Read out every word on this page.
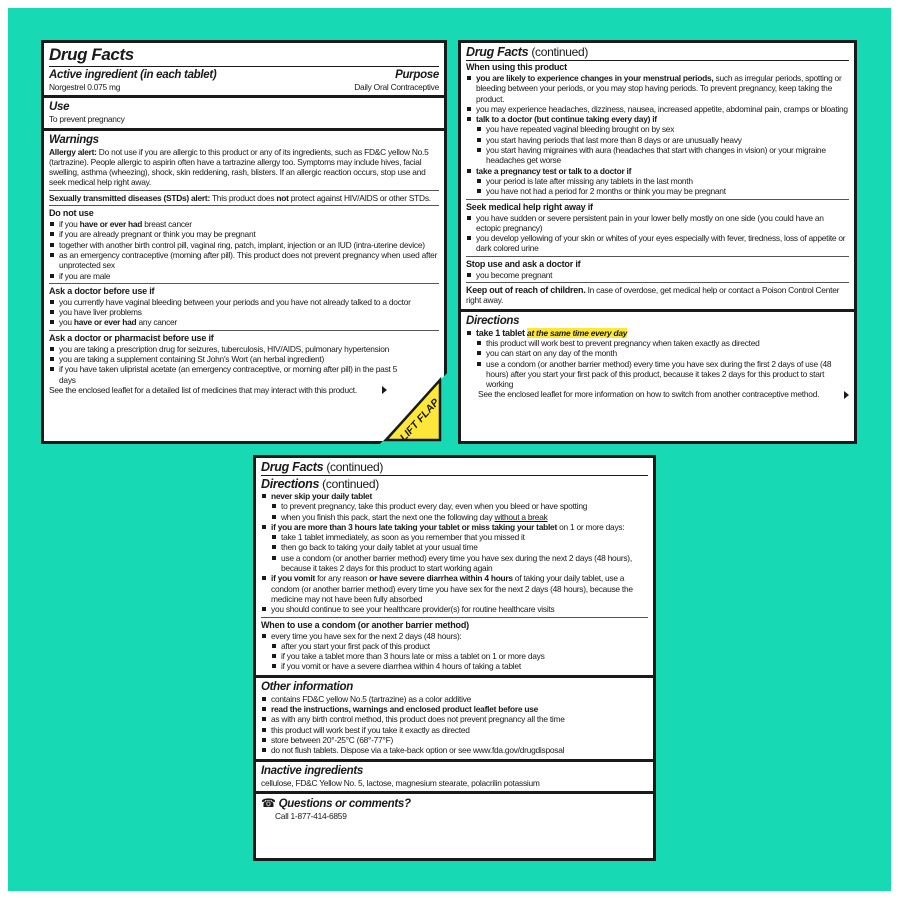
Drug Facts
Active ingredient (in each tablet)	Purpose
Norgestrel 0.075 mg	Daily Oral Contraceptive
Use
To prevent pregnancy
Warnings
Allergy alert: Do not use if you are allergic to this product or any of its ingredients, such as FD&C yellow No.5 (tartrazine). People allergic to aspirin often have a tartrazine allergy too. Symptoms may include hives, facial swelling, asthma (wheezing), shock, skin reddening, rash, blisters. If an allergic reaction occurs, stop use and seek medical help right away.
Sexually transmitted diseases (STDs) alert: This product does not protect against HIV/AIDS or other STDs.
Do not use
if you have or ever had breast cancer
if you are already pregnant or think you may be pregnant
together with another birth control pill, vaginal ring, patch, implant, injection or an IUD (intra-uterine device)
as an emergency contraceptive (morning after pill). This product does not prevent pregnancy when used after unprotected sex
if you are male
Ask a doctor before use if
you currently have vaginal bleeding between your periods and you have not already talked to a doctor
you have liver problems
you have or ever had any cancer
Ask a doctor or pharmacist before use if
you are taking a prescription drug for seizures, tuberculosis, HIV/AIDS, pulmonary hypertension
you are taking a supplement containing St John's Wort (an herbal ingredient)
if you have taken ulipristal acetate (an emergency contraceptive, or morning after pill) in the past 5 days
See the enclosed leaflet for a detailed list of medicines that may interact with this product.
LIFT FLAP
Drug Facts (continued)
When using this product
you are likely to experience changes in your menstrual periods, such as irregular periods, spotting or bleeding between your periods, or you may stop having periods. To prevent pregnancy, keep taking the product.
you may experience headaches, dizziness, nausea, increased appetite, abdominal pain, cramps or bloating
talk to a doctor (but continue taking every day) if
you have repeated vaginal bleeding brought on by sex
you start having periods that last more than 8 days or are unusually heavy
you start having migraines with aura (headaches that start with changes in vision) or your migraine headaches get worse
take a pregnancy test or talk to a doctor if
your period is late after missing any tablets in the last month
you have not had a period for 2 months or think you may be pregnant
Seek medical help right away if
you have sudden or severe persistent pain in your lower belly mostly on one side (you could have an ectopic pregnancy)
you develop yellowing of your skin or whites of your eyes especially with fever, tiredness, loss of appetite or dark colored urine
Stop use and ask a doctor if
you become pregnant
Keep out of reach of children. In case of overdose, get medical help or contact a Poison Control Center right away.
Directions
take 1 tablet at the same time every day
this product will work best to prevent pregnancy when taken exactly as directed
you can start on any day of the month
use a condom (or another barrier method) every time you have sex during the first 2 days of use (48 hours) after you start your first pack of this product, because it takes 2 days for this product to start working
See the enclosed leaflet for more information on how to switch from another contraceptive method.
Drug Facts (continued)
Directions (continued)
never skip your daily tablet
to prevent pregnancy, take this product every day, even when you bleed or have spotting
when you finish this pack, start the next one the following day without a break
if you are more than 3 hours late taking your tablet or miss taking your tablet on 1 or more days:
take 1 tablet immediately, as soon as you remember that you missed it
then go back to taking your daily tablet at your usual time
use a condom (or another barrier method) every time you have sex during the next 2 days (48 hours), because it takes 2 days for this product to start working again
if you vomit for any reason or have severe diarrhea within 4 hours of taking your daily tablet, use a condom (or another barrier method) every time you have sex for the next 2 days (48 hours), because the medicine may not have been fully absorbed
you should continue to see your healthcare provider(s) for routine healthcare visits
When to use a condom (or another barrier method)
every time you have sex for the next 2 days (48 hours):
after you start your first pack of this product
if you take a tablet more than 3 hours late or miss a tablet on 1 or more days
if you vomit or have a severe diarrhea within 4 hours of taking a tablet
Other information
contains FD&C yellow No.5 (tartrazine) as a color additive
read the instructions, warnings and enclosed product leaflet before use
as with any birth control method, this product does not prevent pregnancy all the time
this product will work best if you take it exactly as directed
store between 20°-25°C (68°-77°F)
do not flush tablets. Dispose via a take-back option or see www.fda.gov/drugdisposal
Inactive ingredients
cellulose, FD&C Yellow No. 5, lactose, magnesium stearate, polacrilin potassium
☎ Questions or comments?
Call 1-877-414-6859
